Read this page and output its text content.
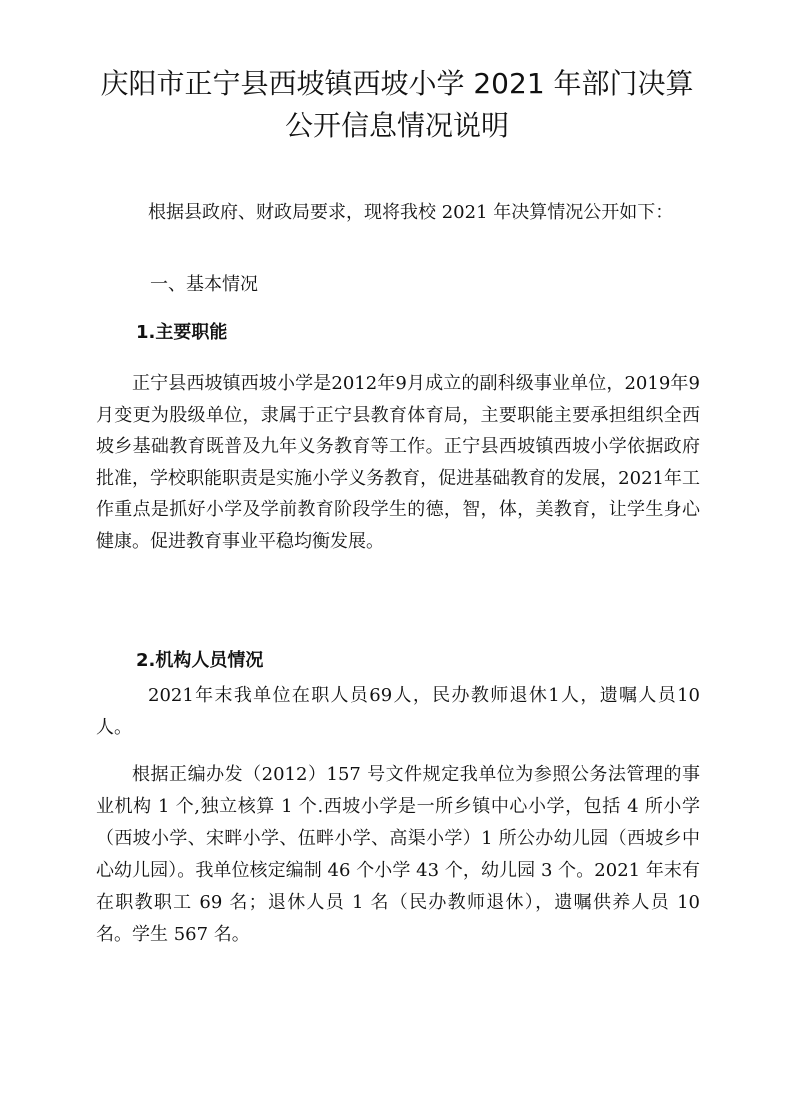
庆阳市正宁县西坡镇西坡小学 2021 年部门决算
公开信息情况说明
根据县政府、财政局要求，现将我校 2021 年决算情况公开如下：
一、基本情况
1.主要职能
正宁县西坡镇西坡小学是2012年9月成立的副科级事业单位，2019年9月变更为股级单位，隶属于正宁县教育体育局，主要职能主要承担组织全西坡乡基础教育既普及九年义务教育等工作。正宁县西坡镇西坡小学依据政府批准，学校职能职责是实施小学义务教育，促进基础教育的发展，2021年工作重点是抓好小学及学前教育阶段学生的德，智，体，美教育，让学生身心健康。促进教育事业平稳均衡发展。
2.机构人员情况
2021年末我单位在职人员69人，民办教师退休1人，遗嘱人员10人。
根据正编办发（2012）157 号文件规定我单位为参照公务法管理的事业机构 1 个,独立核算 1 个.西坡小学是一所乡镇中心小学，包括 4 所小学（西坡小学、宋畔小学、伍畔小学、高渠小学）1 所公办幼儿园（西坡乡中心幼儿园）。我单位核定编制 46 个小学 43 个，幼儿园 3 个。2021 年末有在职教职工 69 名；退休人员 1 名（民办教师退休），遗嘱供养人员 10 名。学生 567 名。
